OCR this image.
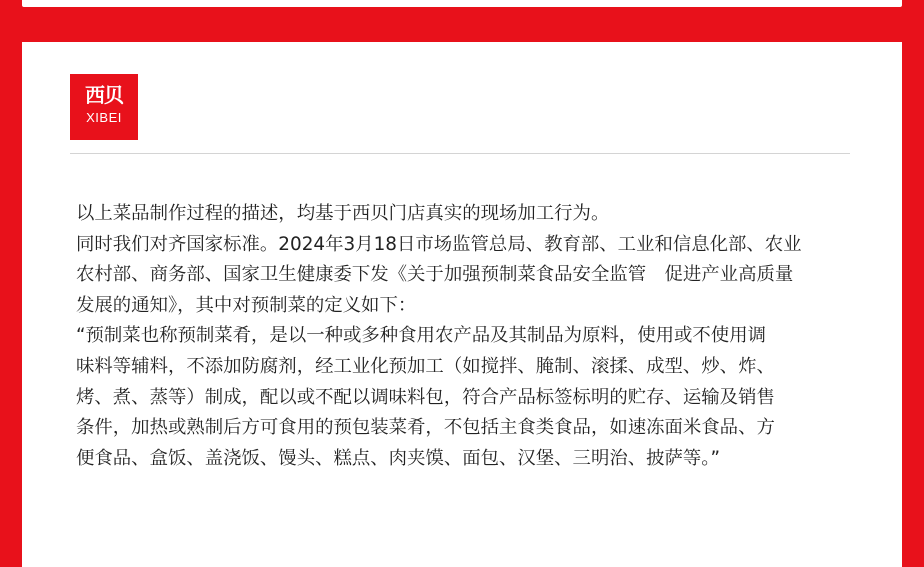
西贝
XIBEI

以上菜品制作过程的描述，均基于西贝门店真实的现场加工行为。

同时我们对齐国家标准。2024年3月18日市场监管总局、教育部、工业和信息化部、农业

农村部、商务部、国家卫生健康委下发《关于加强预制菜食品安全监管　促进产业高质量

发展的通知》，其中对预制菜的定义如下：

“预制菜也称预制菜肴，是以一种或多种食用农产品及其制品为原料，使用或不使用调

味料等辅料，不添加防腐剂，经工业化预加工（如搅拌、腌制、滚揉、成型、炒、炸、

烤、煮、蒸等）制成，配以或不配以调味料包，符合产品标签标明的贮存、运输及销售

条件，加热或熟制后方可食用的预包装菜肴，不包括主食类食品，如速冻面米食品、方

便食品、盒饭、盖浇饭、馒头、糕点、肉夹馍、面包、汉堡、三明治、披萨等。”
